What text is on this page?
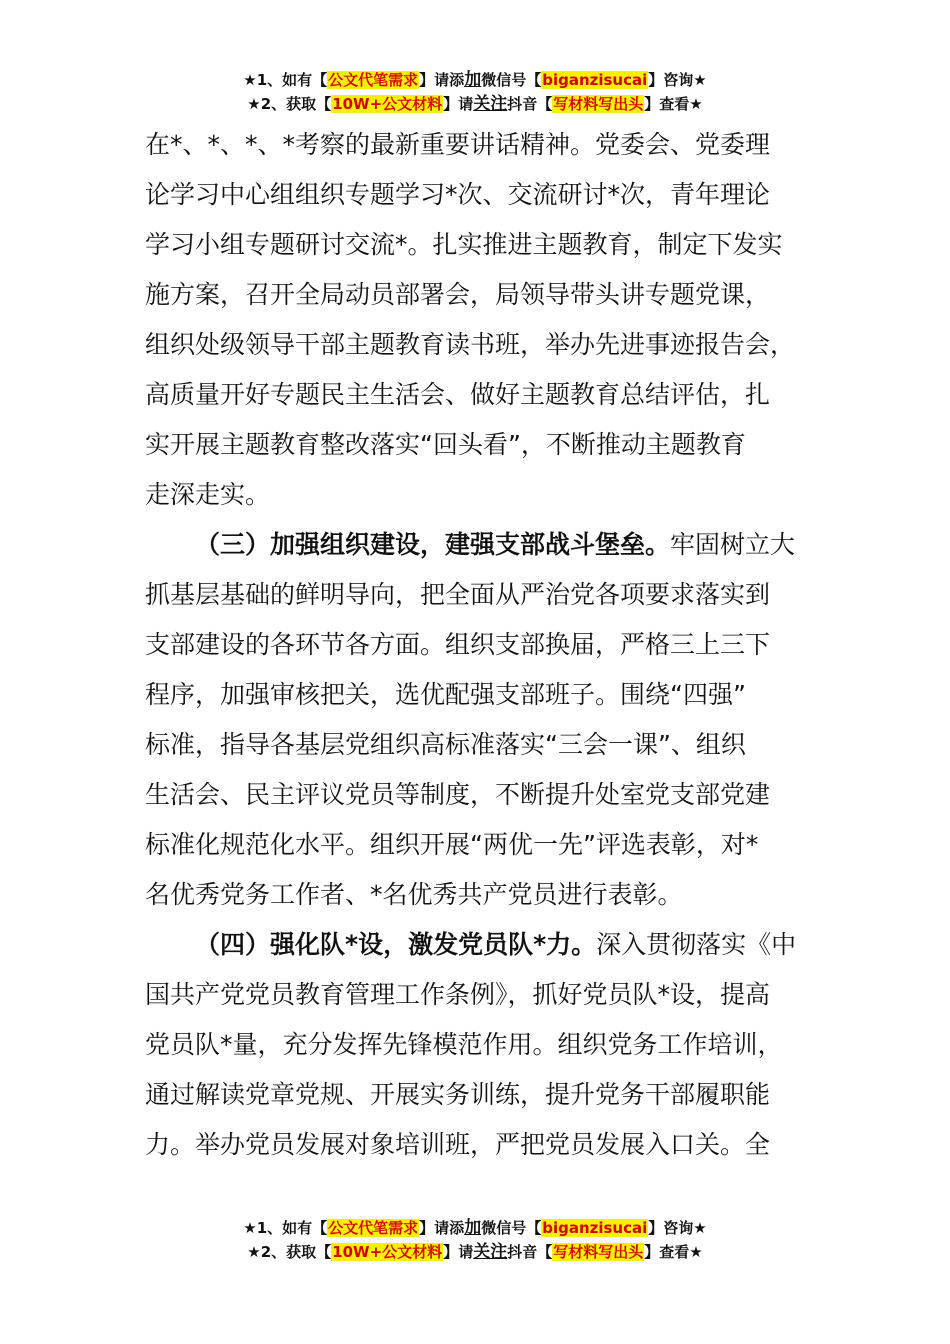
★1、如有【公文代笔需求】请添加微信号【biganzisucai】咨询★
★2、获取【10W+公文材料】请关注抖音【写材料写出头】查看★
在*、*、*、*考察的最新重要讲话精神。党委会、党委理
论学习中心组组织专题学习*次、交流研讨*次，青年理论
学习小组专题研讨交流*。扎实推进主题教育，制定下发实
施方案，召开全局动员部署会，局领导带头讲专题党课，
组织处级领导干部主题教育读书班，举办先进事迹报告会，
高质量开好专题民主生活会、做好主题教育总结评估，扎
实开展主题教育整改落实“回头看”，不断推动主题教育
走深走实。
（三）加强组织建设，建强支部战斗堡垒。牢固树立大
抓基层基础的鲜明导向，把全面从严治党各项要求落实到
支部建设的各环节各方面。组织支部换届，严格三上三下
程序，加强审核把关，选优配强支部班子。围绕“四强”
标准，指导各基层党组织高标准落实“三会一课”、组织
生活会、民主评议党员等制度，不断提升处室党支部党建
标准化规范化水平。组织开展“两优一先”评选表彰，对*
名优秀党务工作者、*名优秀共产党员进行表彰。
（四）强化队*设，激发党员队*力。深入贯彻落实《中
国共产党党员教育管理工作条例》，抓好党员队*设，提高
党员队*量，充分发挥先锋模范作用。组织党务工作培训，
通过解读党章党规、开展实务训练，提升党务干部履职能
力。举办党员发展对象培训班，严把党员发展入口关。全
★1、如有【公文代笔需求】请添加微信号【biganzisucai】咨询★
★2、获取【10W+公文材料】请关注抖音【写材料写出头】查看★
